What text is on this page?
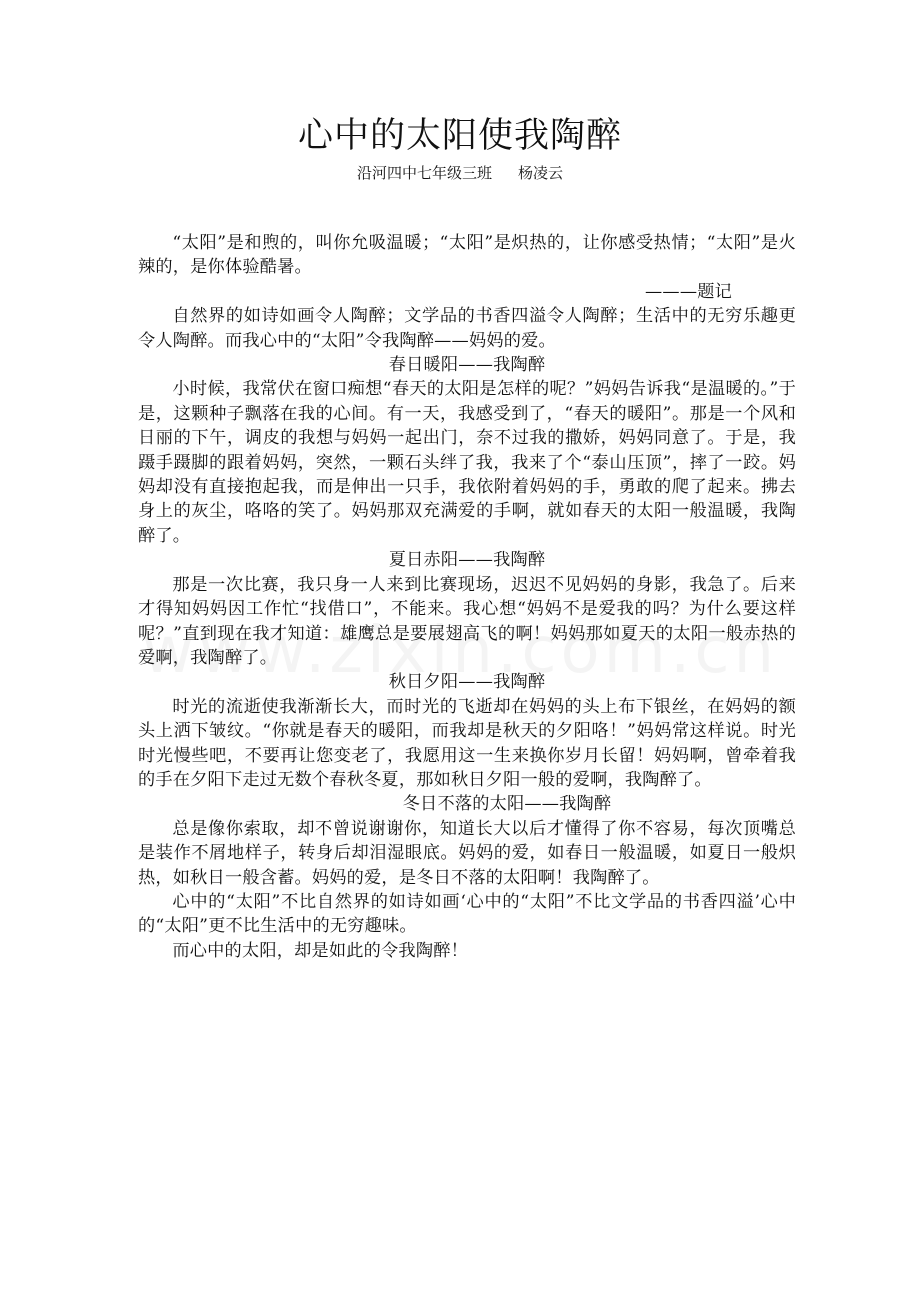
心中的太阳使我陶醉
沿河四中七年级三班 杨凌云

“太阳”是和煦的，叫你允吸温暖；“太阳”是炽热的，让你感受热情；“太阳”是火辣的，是你体验酷暑。

———题记

自然界的如诗如画令人陶醉；文学品的书香四溢令人陶醉；生活中的无穷乐趣更令人陶醉。而我心中的“太阳”令我陶醉——妈妈的爱。

春日暖阳——我陶醉

小时候，我常伏在窗口痴想“春天的太阳是怎样的呢？”妈妈告诉我“是温暖的。”于是，这颗种子飘落在我的心间。有一天，我感受到了，“春天的暖阳”。那是一个风和日丽的下午，调皮的我想与妈妈一起出门，奈不过我的撒娇，妈妈同意了。于是，我蹑手蹑脚的跟着妈妈，突然，一颗石头绊了我，我来了个“泰山压顶”，摔了一跤。妈妈却没有直接抱起我，而是伸出一只手，我依附着妈妈的手，勇敢的爬了起来。拂去身上的灰尘，咯咯的笑了。妈妈那双充满爱的手啊，就如春天的太阳一般温暖，我陶醉了。

夏日赤阳——我陶醉

那是一次比赛，我只身一人来到比赛现场，迟迟不见妈妈的身影，我急了。后来才得知妈妈因工作忙“找借口”，不能来。我心想“妈妈不是爱我的吗？为什么要这样呢？”直到现在我才知道：雄鹰总是要展翅高飞的啊！妈妈那如夏天的太阳一般赤热的爱啊，我陶醉了。

秋日夕阳——我陶醉

时光的流逝使我渐渐长大，而时光的飞逝却在妈妈的头上布下银丝，在妈妈的额头上洒下皱纹。“你就是春天的暖阳，而我却是秋天的夕阳咯！”妈妈常这样说。时光时光慢些吧，不要再让您变老了，我愿用这一生来换你岁月长留！妈妈啊，曾牵着我的手在夕阳下走过无数个春秋冬夏，那如秋日夕阳一般的爱啊，我陶醉了。

冬日不落的太阳——我陶醉

总是像你索取，却不曾说谢谢你，知道长大以后才懂得了你不容易，每次顶嘴总是装作不屑地样子，转身后却泪湿眼底。妈妈的爱，如春日一般温暖，如夏日一般炽热，如秋日一般含蓄。妈妈的爱，是冬日不落的太阳啊！我陶醉了。

心中的“太阳”不比自然界的如诗如画‘心中的“太阳”不比文学品的书香四溢’心中的“太阳”更不比生活中的无穷趣味。

而心中的太阳，却是如此的令我陶醉！
